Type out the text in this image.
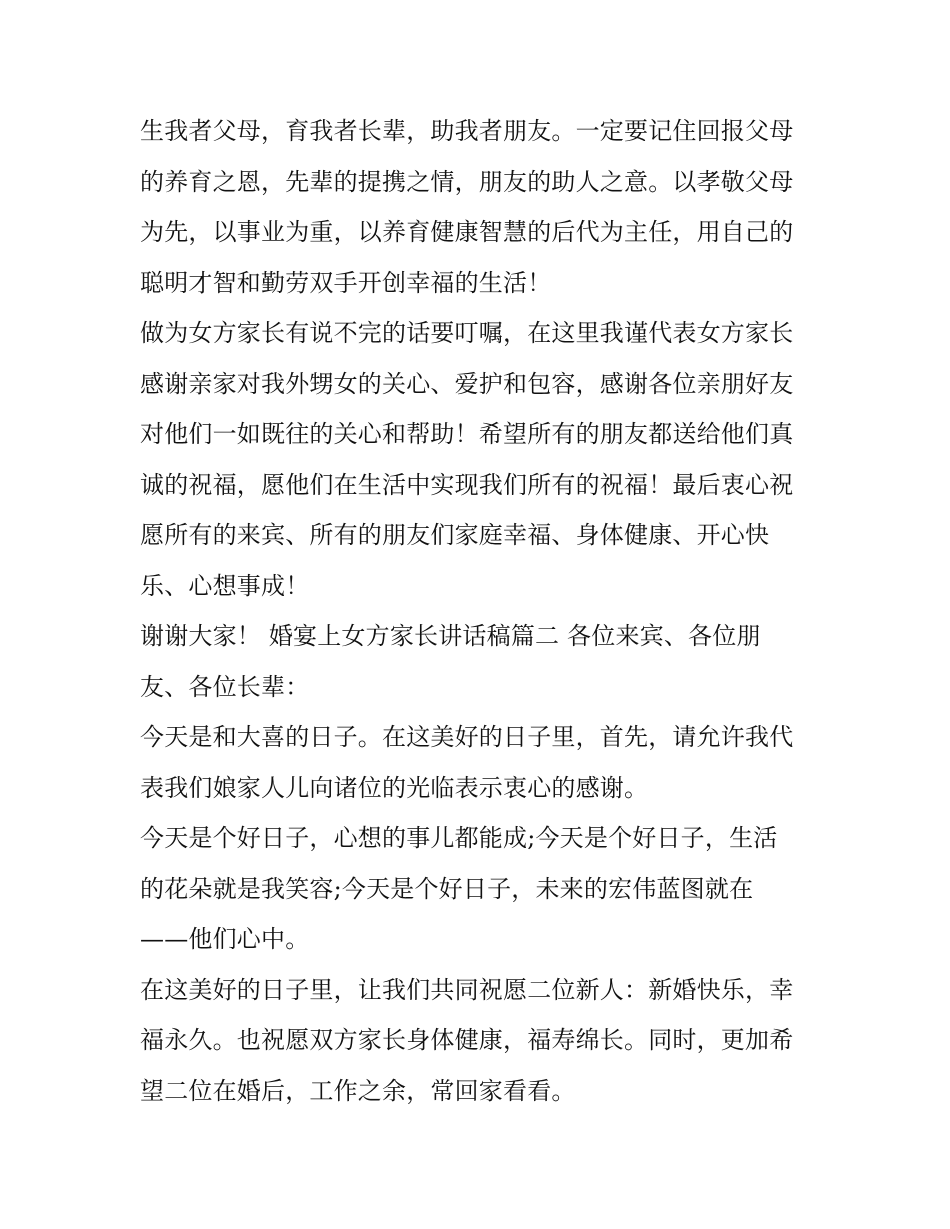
生我者父母，育我者长辈，助我者朋友。一定要记住回报父母
的养育之恩，先辈的提携之情，朋友的助人之意。以孝敬父母
为先，以事业为重，以养育健康智慧的后代为主任，用自己的
聪明才智和勤劳双手开创幸福的生活！
做为女方家长有说不完的话要叮嘱，在这里我谨代表女方家长
感谢亲家对我外甥女的关心、爱护和包容，感谢各位亲朋好友
对他们一如既往的关心和帮助！希望所有的朋友都送给他们真
诚的祝福，愿他们在生活中实现我们所有的祝福！最后衷心祝
愿所有的来宾、所有的朋友们家庭幸福、身体健康、开心快
乐、心想事成！
谢谢大家！ 婚宴上女方家长讲话稿篇二 各位来宾、各位朋
友、各位长辈：
今天是和大喜的日子。在这美好的日子里，首先，请允许我代
表我们娘家人儿向诸位的光临表示衷心的感谢。
今天是个好日子，心想的事儿都能成;今天是个好日子，生活
的花朵就是我笑容;今天是个好日子，未来的宏伟蓝图就在
——他们心中。
在这美好的日子里，让我们共同祝愿二位新人：新婚快乐，幸
福永久。也祝愿双方家长身体健康，福寿绵长。同时，更加希
望二位在婚后，工作之余，常回家看看。
